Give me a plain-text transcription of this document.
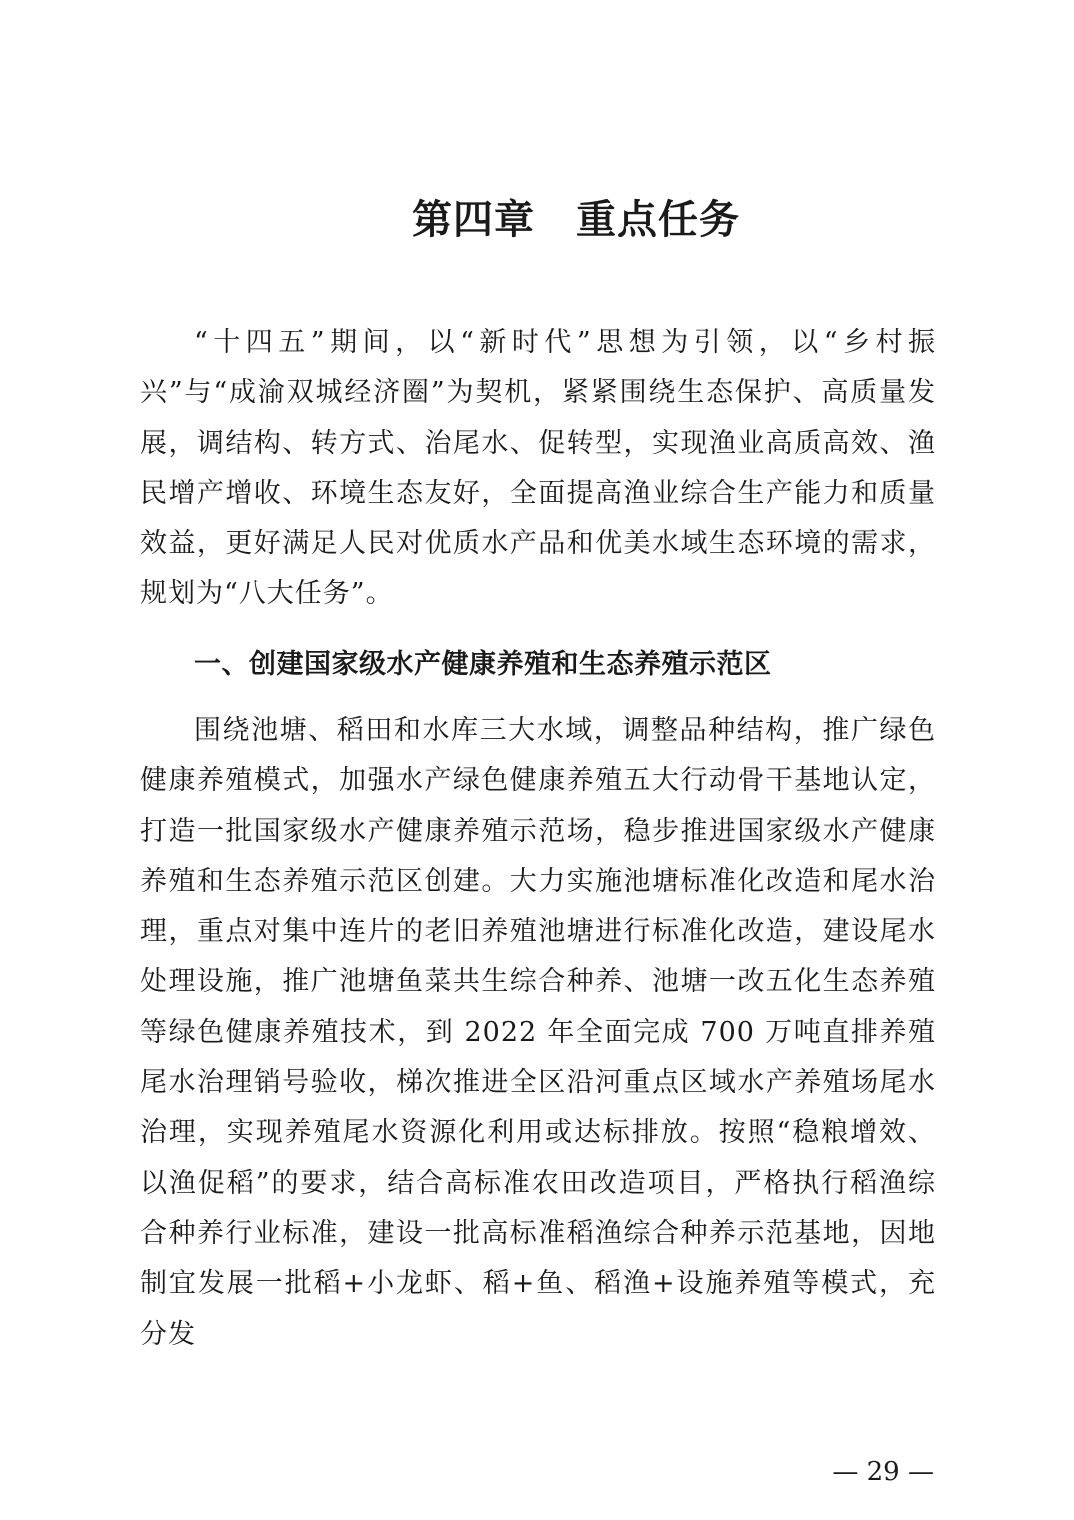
第四章　重点任务

“十四五”期间，以“新时代”思想为引领，以“乡村振兴”与“成渝双城经济圈”为契机，紧紧围绕生态保护、高质量发展，调结构、转方式、治尾水、促转型，实现渔业高质高效、渔民增产增收、环境生态友好，全面提高渔业综合生产能力和质量效益，更好满足人民对优质水产品和优美水域生态环境的需求，规划为“八大任务”。

一、创建国家级水产健康养殖和生态养殖示范区

围绕池塘、稻田和水库三大水域，调整品种结构，推广绿色健康养殖模式，加强水产绿色健康养殖五大行动骨干基地认定，打造一批国家级水产健康养殖示范场，稳步推进国家级水产健康养殖和生态养殖示范区创建。大力实施池塘标准化改造和尾水治理，重点对集中连片的老旧养殖池塘进行标准化改造，建设尾水处理设施，推广池塘鱼菜共生综合种养、池塘一改五化生态养殖等绿色健康养殖技术，到 2022 年全面完成 700 万吨直排养殖尾水治理销号验收，梯次推进全区沿河重点区域水产养殖场尾水治理，实现养殖尾水资源化利用或达标排放。按照“稳粮增效、以渔促稻”的要求，结合高标准农田改造项目，严格执行稻渔综合种养行业标准，建设一批高标准稻渔综合种养示范基地，因地制宜发展一批稻+小龙虾、稻+鱼、稻渔+设施养殖等模式，充分发

— 29 —
